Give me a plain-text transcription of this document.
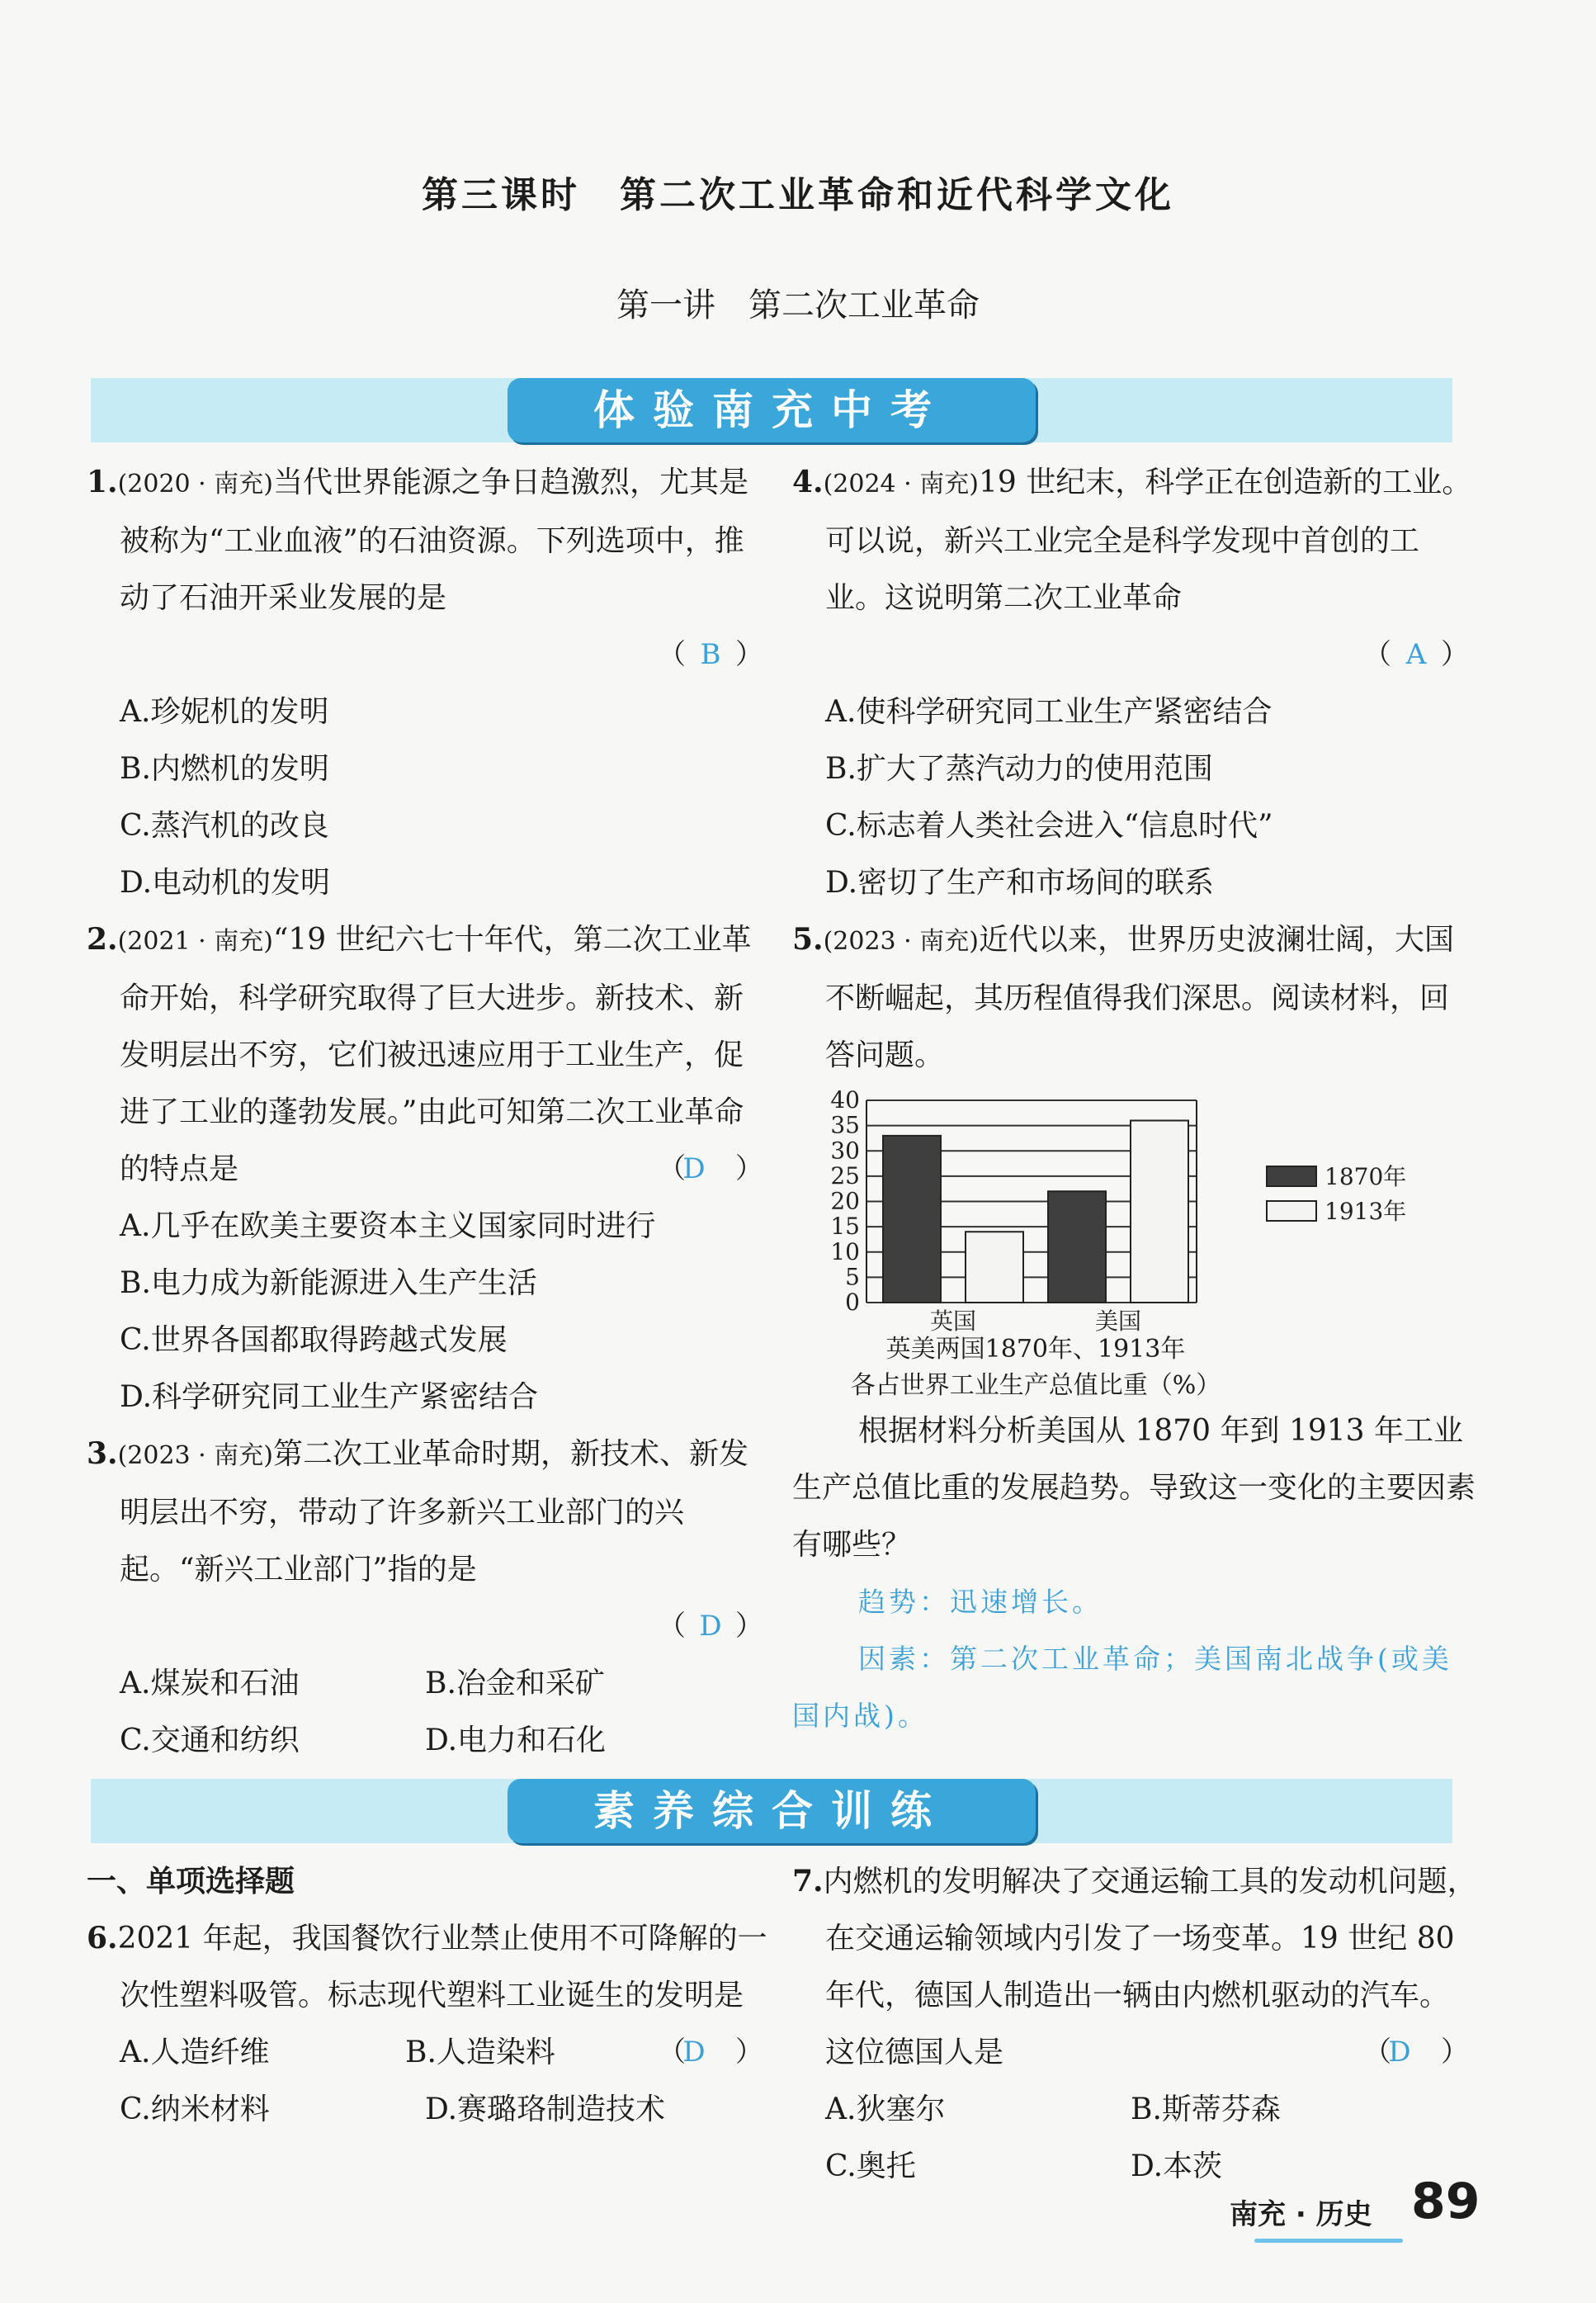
第三课时　第二次工业革命和近代科学文化
第一讲　第二次工业革命
体验南充中考
1.(2020 · 南充)当代世界能源之争日趋激烈，尤其是被称为“工业血液”的石油资源。下列选项中，推动了石油开采业发展的是
（ B ）
A.珍妮机的发明
B.内燃机的发明
C.蒸汽机的改良
D.电动机的发明
2.(2021 · 南充)“19 世纪六七十年代，第二次工业革命开始，科学研究取得了巨大进步。新技术、新发明层出不穷，它们被迅速应用于工业生产，促进了工业的蓬勃发展。”由此可知第二次工业革命的特点是	（D ）
A.几乎在欧美主要资本主义国家同时进行
B.电力成为新能源进入生产生活
C.世界各国都取得跨越式发展
D.科学研究同工业生产紧密结合
3.(2023 · 南充)第二次工业革命时期，新技术、新发明层出不穷，带动了许多新兴工业部门的兴起。“新兴工业部门”指的是
（ D ）
A.煤炭和石油	B.冶金和采矿
C.交通和纺织	D.电力和石化
4.(2024 · 南充)19 世纪末，科学正在创造新的工业。可以说，新兴工业完全是科学发现中首创的工业。这说明第二次工业革命
（ A ）
A.使科学研究同工业生产紧密结合
B.扩大了蒸汽动力的使用范围
C.标志着人类社会进入“信息时代”
D.密切了生产和市场间的联系
5.(2023 · 南充)近代以来，世界历史波澜壮阔，大国不断崛起，其历程值得我们深思。阅读材料，回答问题。
40
35
30
25
20
15
10
5
0
英国	美国
1870年
1913年
英美两国1870年、1913年
各占世界工业生产总值比重（%）
根据材料分析美国从 1870 年到 1913 年工业生产总值比重的发展趋势。导致这一变化的主要因素有哪些？
趋势：迅速增长。
因素：第二次工业革命；美国南北战争(或美国内战)。
素养综合训练
一、单项选择题
6.2021 年起，我国餐饮行业禁止使用不可降解的一次性塑料吸管。标志现代塑料工业诞生的发明是
（D ）
A.人造纤维	B.人造染料
C.纳米材料	D.赛璐珞制造技术
7.内燃机的发明解决了交通运输工具的发动机问题，在交通运输领域内引发了一场变革。19 世纪 80 年代，德国人制造出一辆由内燃机驱动的汽车。这位德国人是	（D ）
A.狄塞尔	B.斯蒂芬森
C.奥托	D.本茨
南充 · 历史 89
